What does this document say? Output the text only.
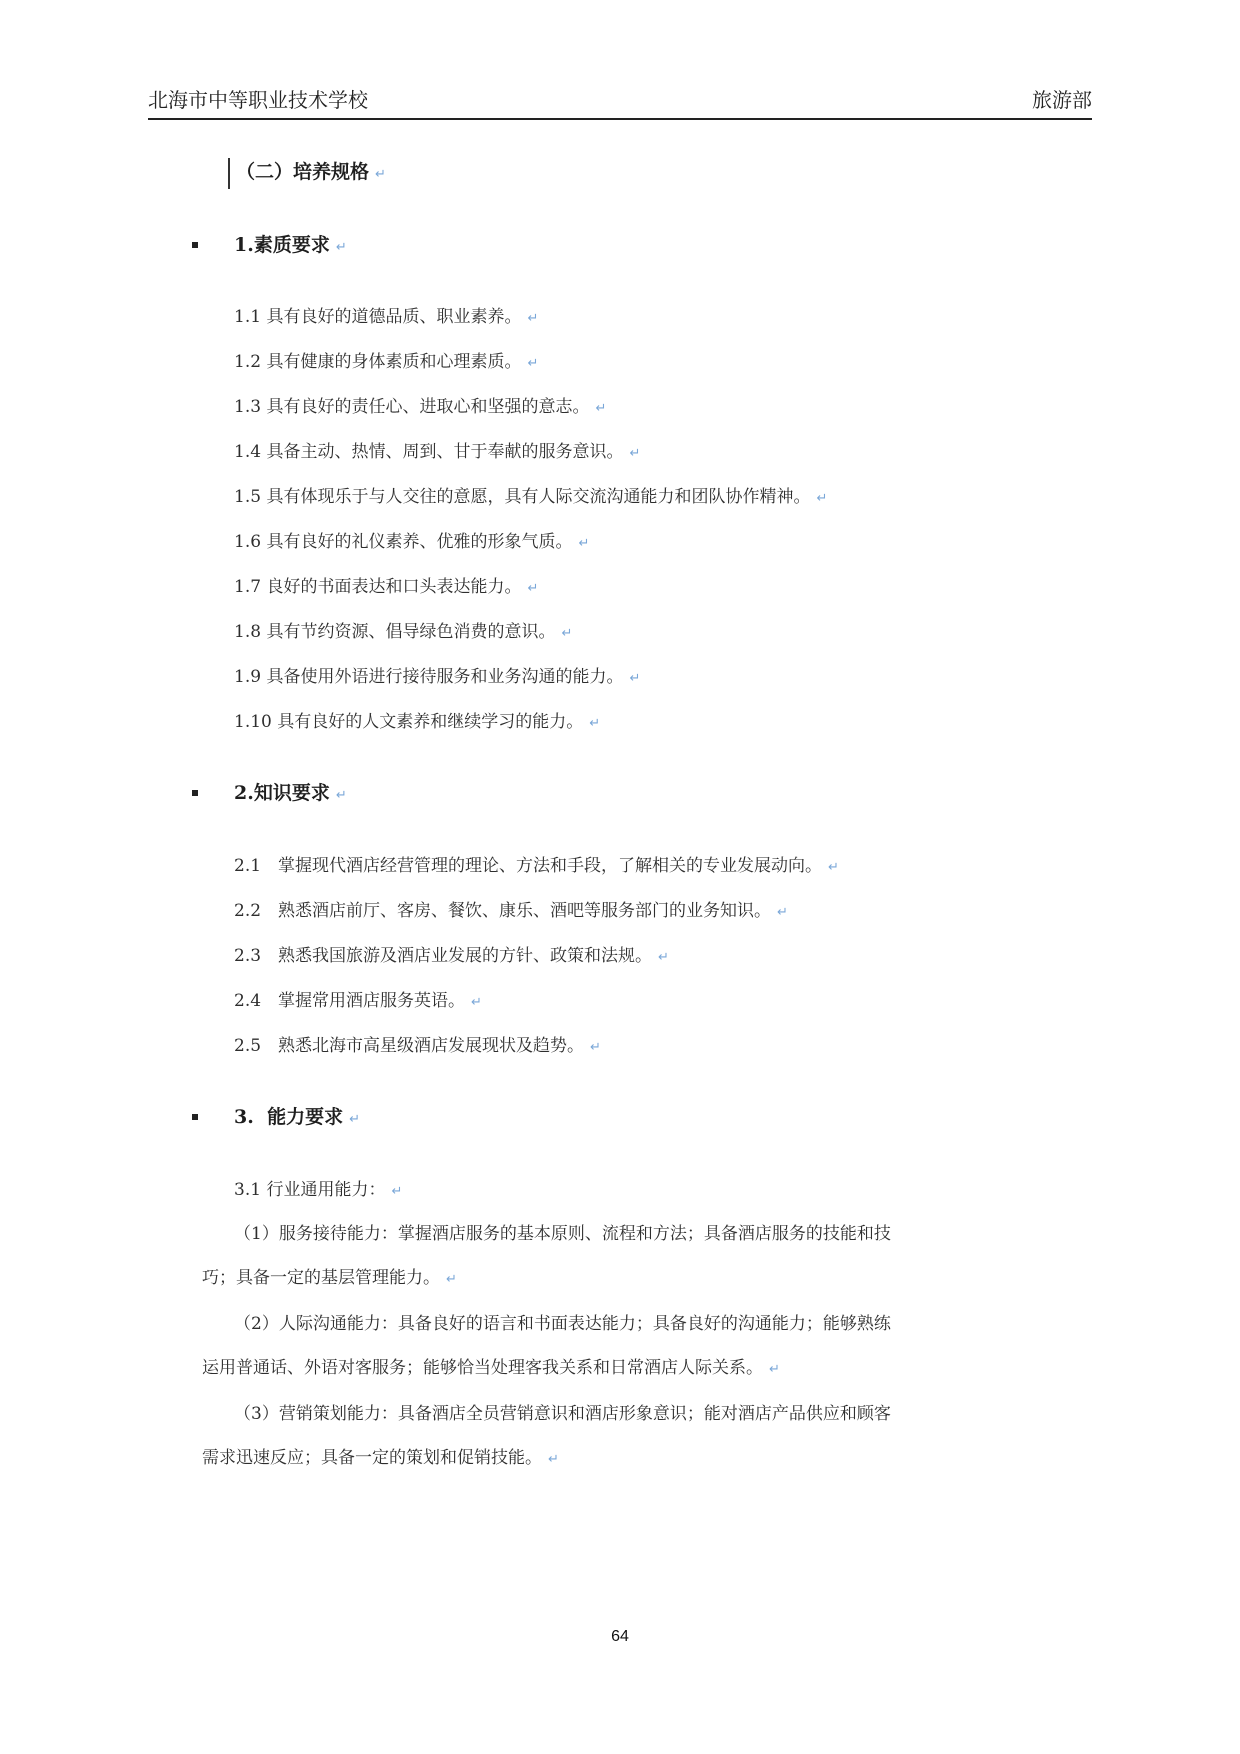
北海市中等职业技术学校	旅游部
（二）培养规格 ↵
1.素质要求 ↵
1.1 具有良好的道德品质、职业素养。 ↵
1.2 具有健康的身体素质和心理素质。 ↵
1.3 具有良好的责任心、进取心和坚强的意志。 ↵
1.4 具备主动、热情、周到、甘于奉献的服务意识。 ↵
1.5 具有体现乐于与人交往的意愿，具有人际交流沟通能力和团队协作精神。 ↵
1.6 具有良好的礼仪素养、优雅的形象气质。 ↵
1.7 良好的书面表达和口头表达能力。 ↵
1.8 具有节约资源、倡导绿色消费的意识。 ↵
1.9 具备使用外语进行接待服务和业务沟通的能力。 ↵
1.10 具有良好的人文素养和继续学习的能力。 ↵
2.知识要求 ↵
2.1　掌握现代酒店经营管理的理论、方法和手段，了解相关的专业发展动向。 ↵
2.2　熟悉酒店前厅、客房、餐饮、康乐、酒吧等服务部门的业务知识。 ↵
2.3　熟悉我国旅游及酒店业发展的方针、政策和法规。 ↵
2.4　掌握常用酒店服务英语。 ↵
2.5　熟悉北海市高星级酒店发展现状及趋势。 ↵
3.  能力要求 ↵
3.1 行业通用能力： ↵
（1）服务接待能力：掌握酒店服务的基本原则、流程和方法；具备酒店服务的技能和技巧；具备一定的基层管理能力。 ↵
（2）人际沟通能力：具备良好的语言和书面表达能力；具备良好的沟通能力；能够熟练运用普通话、外语对客服务；能够恰当处理客我关系和日常酒店人际关系。 ↵
（3）营销策划能力：具备酒店全员营销意识和酒店形象意识；能对酒店产品供应和顾客需求迅速反应；具备一定的策划和促销技能。 ↵
64
